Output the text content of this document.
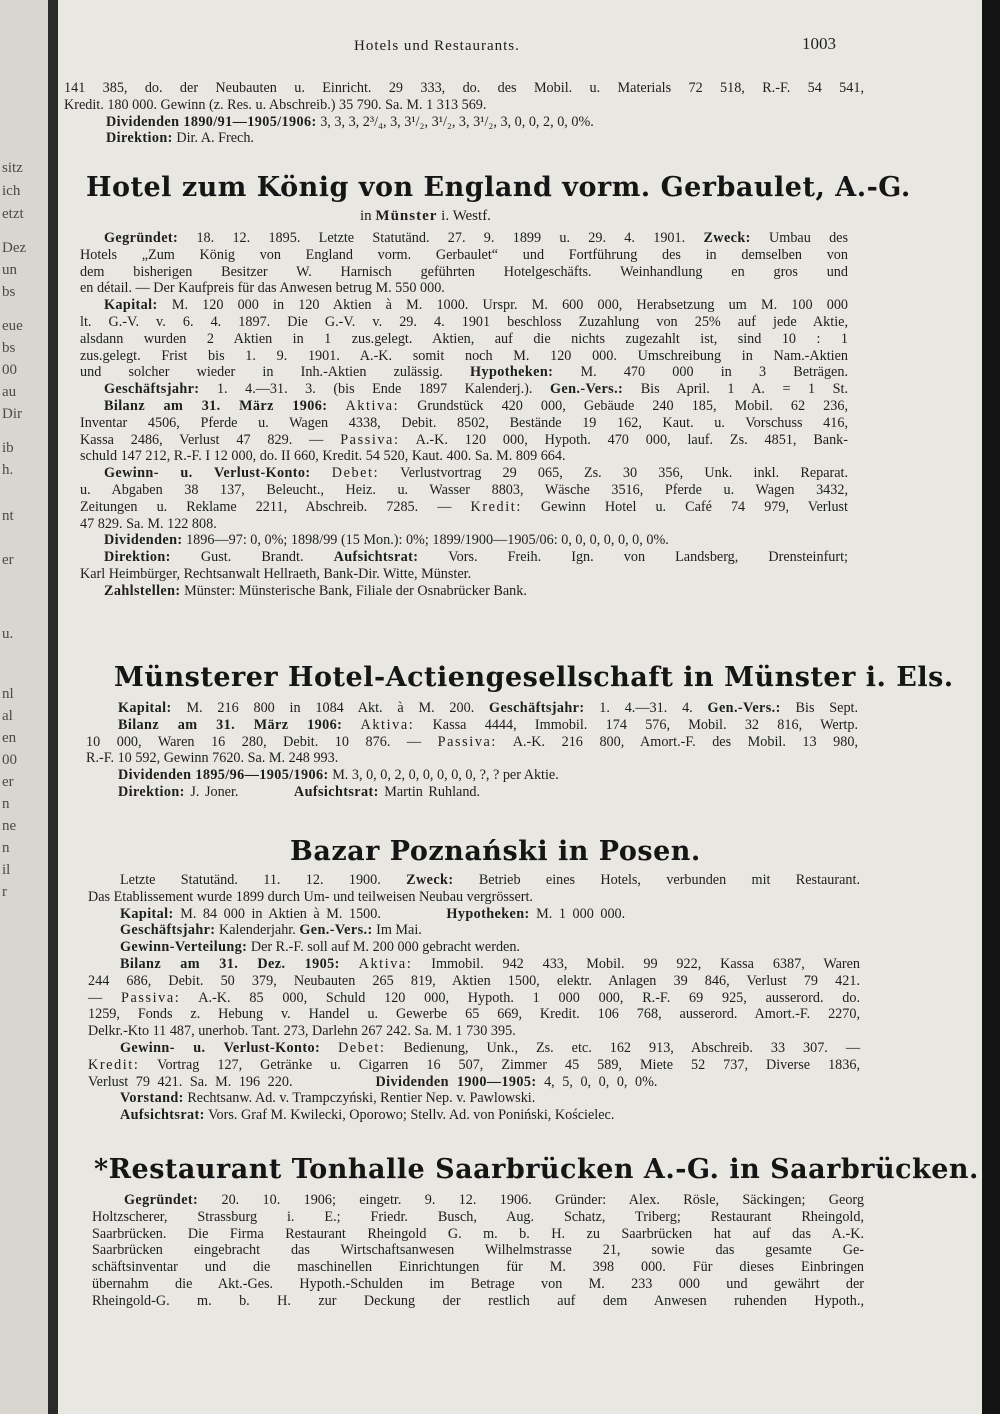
sitz
ich
etzt
Dez
un
bs
eue
bs
00
au
Dir
ib
h.
nt
er
u.
nl
al
en
00
er
n
ne
n
il
r
Hotels und Restaurants.	1003
141 385, do. der Neubauten u. Einricht. 29 333, do. des Mobil. u. Materials 72 518, R.-F. 54 541,
Kredit. 180 000. Gewinn (z. Res. u. Abschreib.) 35 790. Sa. M. 1 313 569.
Dividenden 1890/91—1905/1906: 3, 3, 3, 2³/₄, 3, 3¹/₂, 3¹/₂, 3, 3¹/₂, 3, 0, 0, 2, 0, 0%.
Direktion: Dir. A. Frech.
Hotel zum König von England vorm. Gerbaulet, A.-G.
in Münster i. Westf.
Gegründet: 18. 12. 1895. Letzte Statutänd. 27. 9. 1899 u. 29. 4. 1901. Zweck: Umbau des
Hotels „Zum König von England vorm. Gerbaulet“ und Fortführung des in demselben von
dem bisherigen Besitzer W. Harnisch geführten Hotelgeschäfts. Weinhandlung en gros und
en détail. — Der Kaufpreis für das Anwesen betrug M. 550 000.
Kapital: M. 120 000 in 120 Aktien à M. 1000. Urspr. M. 600 000, Herabsetzung um M. 100 000
lt. G.-V. v. 6. 4. 1897. Die G.-V. v. 29. 4. 1901 beschloss Zuzahlung von 25% auf jede Aktie,
alsdann wurden 2 Aktien in 1 zus.gelegt. Aktien, auf die nichts zugezahlt ist, sind 10 : 1
zus.gelegt. Frist bis 1. 9. 1901. A.-K. somit noch M. 120 000. Umschreibung in Nam.-Aktien
und solcher wieder in Inh.-Aktien zulässig. Hypotheken: M. 470 000 in 3 Beträgen.
Geschäftsjahr: 1. 4.—31. 3. (bis Ende 1897 Kalenderj.). Gen.-Vers.: Bis April. 1 A. = 1 St.
Bilanz am 31. März 1906: Aktiva: Grundstück 420 000, Gebäude 240 185, Mobil. 62 236,
Inventar 4506, Pferde u. Wagen 4338, Debit. 8502, Bestände 19 162, Kaut. u. Vorschuss 416,
Kassa 2486, Verlust 47 829. — Passiva: A.-K. 120 000, Hypoth. 470 000, lauf. Zs. 4851, Bank-
schuld 147 212, R.-F. I 12 000, do. II 660, Kredit. 54 520, Kaut. 400. Sa. M. 809 664.
Gewinn- u. Verlust-Konto: Debet: Verlustvortrag 29 065, Zs. 30 356, Unk. inkl. Reparat.
u. Abgaben 38 137, Beleucht., Heiz. u. Wasser 8803, Wäsche 3516, Pferde u. Wagen 3432,
Zeitungen u. Reklame 2211, Abschreib. 7285. — Kredit: Gewinn Hotel u. Café 74 979, Verlust
47 829. Sa. M. 122 808.
Dividenden: 1896—97: 0, 0%; 1898/99 (15 Mon.): 0%; 1899/1900—1905/06: 0, 0, 0, 0, 0, 0, 0%.
Direktion: Gust. Brandt. Aufsichtsrat: Vors. Freih. Ign. von Landsberg, Drensteinfurt;
Karl Heimbürger, Rechtsanwalt Hellraeth, Bank-Dir. Witte, Münster.
Zahlstellen: Münster: Münsterische Bank, Filiale der Osnabrücker Bank.
Münsterer Hotel-Actiengesellschaft in Münster i. Els.
Kapital: M. 216 800 in 1084 Akt. à M. 200. Geschäftsjahr: 1. 4.—31. 4. Gen.-Vers.: Bis Sept.
Bilanz am 31. März 1906: Aktiva: Kassa 4444, Immobil. 174 576, Mobil. 32 816, Wertp.
10 000, Waren 16 280, Debit. 10 876. — Passiva: A.-K. 216 800, Amort.-F. des Mobil. 13 980,
R.-F. 10 592, Gewinn 7620. Sa. M. 248 993.
Dividenden 1895/96—1905/1906: M. 3, 0, 0, 2, 0, 0, 0, 0, 0, ?, ? per Aktie.
Direktion: J. Joner.	Aufsichtsrat: Martin Ruhland.
Bazar Poznański in Posen.
Letzte Statutänd. 11. 12. 1900. Zweck: Betrieb eines Hotels, verbunden mit Restaurant.
Das Etablissement wurde 1899 durch Um- und teilweisen Neubau vergrössert.
Kapital: M. 84 000 in Aktien à M. 1500.	Hypotheken: M. 1 000 000.
Geschäftsjahr: Kalenderjahr. Gen.-Vers.: Im Mai.
Gewinn-Verteilung: Der R.-F. soll auf M. 200 000 gebracht werden.
Bilanz am 31. Dez. 1905: Aktiva: Immobil. 942 433, Mobil. 99 922, Kassa 6387, Waren
244 686, Debit. 50 379, Neubauten 265 819, Aktien 1500, elektr. Anlagen 39 846, Verlust 79 421.
— Passiva: A.-K. 85 000, Schuld 120 000, Hypoth. 1 000 000, R.-F. 69 925, ausserord. do.
1259, Fonds z. Hebung v. Handel u. Gewerbe 65 669, Kredit. 106 768, ausserord. Amort.-F. 2270,
Delkr.-Kto 11 487, unerhob. Tant. 273, Darlehn 267 242. Sa. M. 1 730 395.
Gewinn- u. Verlust-Konto: Debet: Bedienung, Unk., Zs. etc. 162 913, Abschreib. 33 307. —
Kredit: Vortrag 127, Getränke u. Cigarren 16 507, Zimmer 45 589, Miete 52 737, Diverse 1836,
Verlust 79 421. Sa. M. 196 220.	Dividenden 1900—1905: 4, 5, 0, 0, 0, 0%.
Vorstand: Rechtsanw. Ad. v. Trampczyński, Rentier Nep. v. Pawlowski.
Aufsichtsrat: Vors. Graf M. Kwilecki, Oporowo; Stellv. Ad. von Poniński, Kościelec.
*Restaurant Tonhalle Saarbrücken A.-G. in Saarbrücken.
Gegründet: 20. 10. 1906; eingetr. 9. 12. 1906. Gründer: Alex. Rösle, Säckingen; Georg
Holtzscherer, Strassburg i. E.; Friedr. Busch, Aug. Schatz, Triberg; Restaurant Rheingold,
Saarbrücken. Die Firma Restaurant Rheingold G. m. b. H. zu Saarbrücken hat auf das A.-K.
Saarbrücken eingebracht das Wirtschaftsanwesen Wilhelmstrasse 21, sowie das gesamte Ge-
schäftsinventar und die maschinellen Einrichtungen für M. 398 000. Für dieses Einbringen
übernahm die Akt.-Ges. Hypoth.-Schulden im Betrage von M. 233 000 und gewährt der
Rheingold-G. m. b. H. zur Deckung der restlich auf dem Anwesen ruhenden Hypoth.,
